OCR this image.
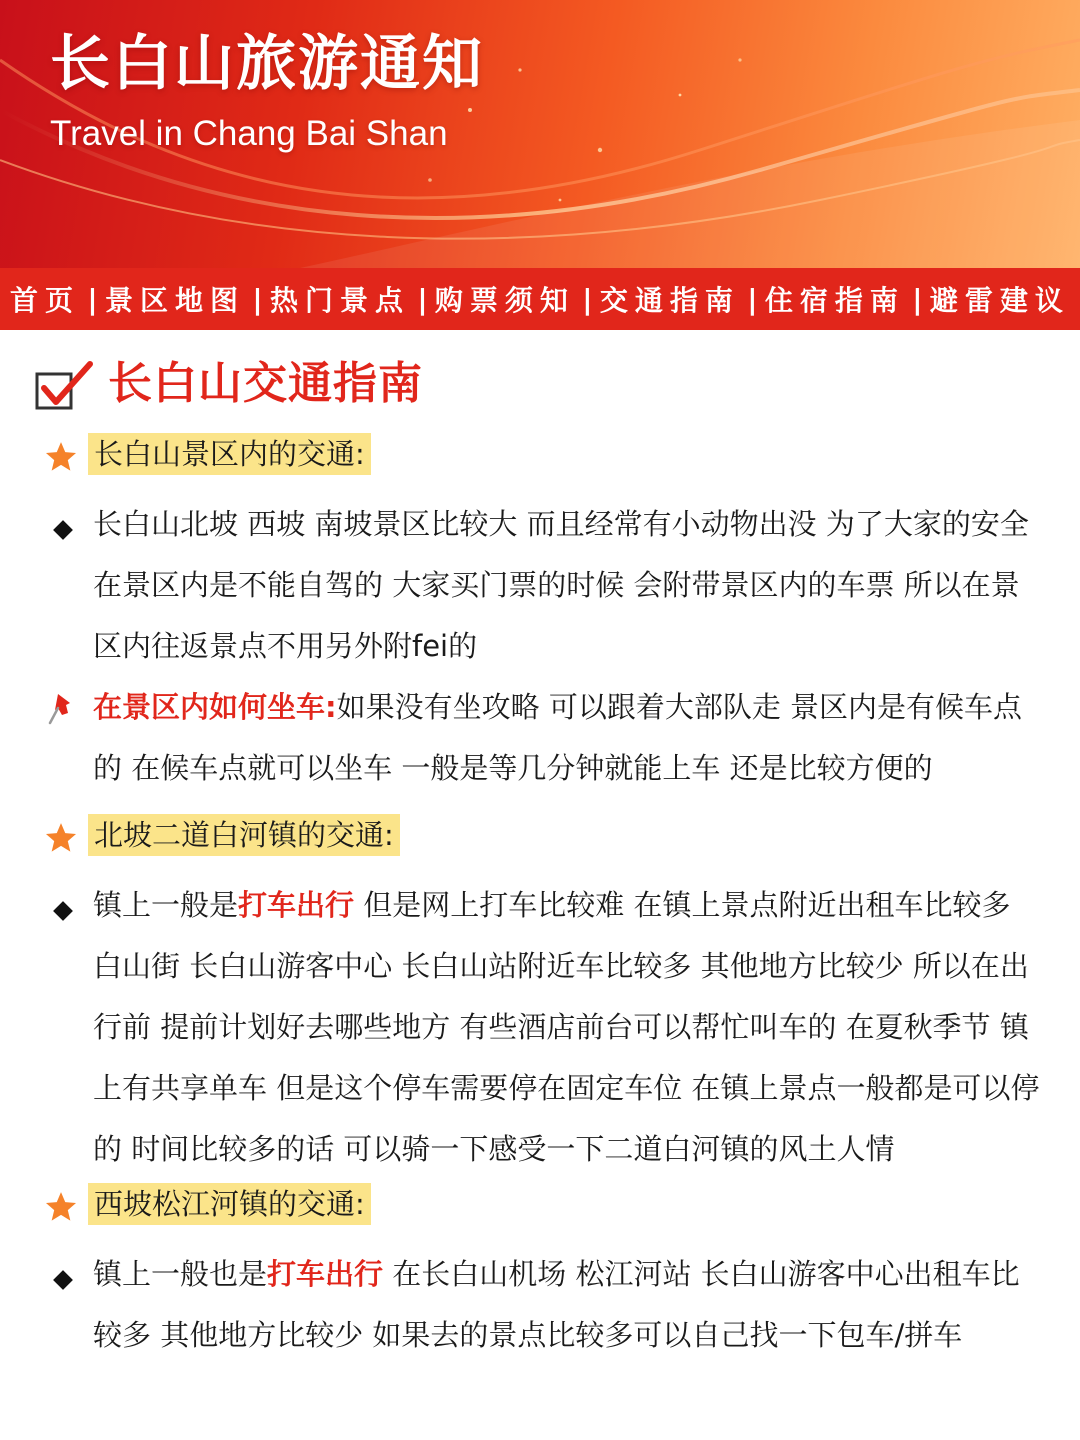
长白山旅游通知
Travel in Chang Bai Shan
首页 | 景区地图 | 热门景点 | 购票须知 | 交通指南 | 住宿指南 | 避雷建议
长白山交通指南
长白山景区内的交通:

长白山北坡 西坡 南坡景区比较大 而且经常有小动物出没 为了大家的安全 在景区内是不能自驾的 大家买门票的时候 会附带景区内的车票 所以在景区内往返景点不用另外附fei的

在景区内如何坐车:如果没有坐攻略 可以跟着大部队走 景区内是有候车点的 在候车点就可以坐车 一般是等几分钟就能上车 还是比较方便的

北坡二道白河镇的交通:

镇上一般是打车出行 但是网上打车比较难 在镇上景点附近出租车比较多 白山街 长白山游客中心 长白山站附近车比较多 其他地方比较少 所以在出行前 提前计划好去哪些地方 有些酒店前台可以帮忙叫车的 在夏秋季节 镇上有共享单车 但是这个停车需要停在固定车位 在镇上景点一般都是可以停的 时间比较多的话 可以骑一下感受一下二道白河镇的风土人情

西坡松江河镇的交通:

镇上一般也是打车出行 在长白山机场 松江河站 长白山游客中心出租车比较多 其他地方比较少 如果去的景点比较多可以自己找一下包车/拼车
